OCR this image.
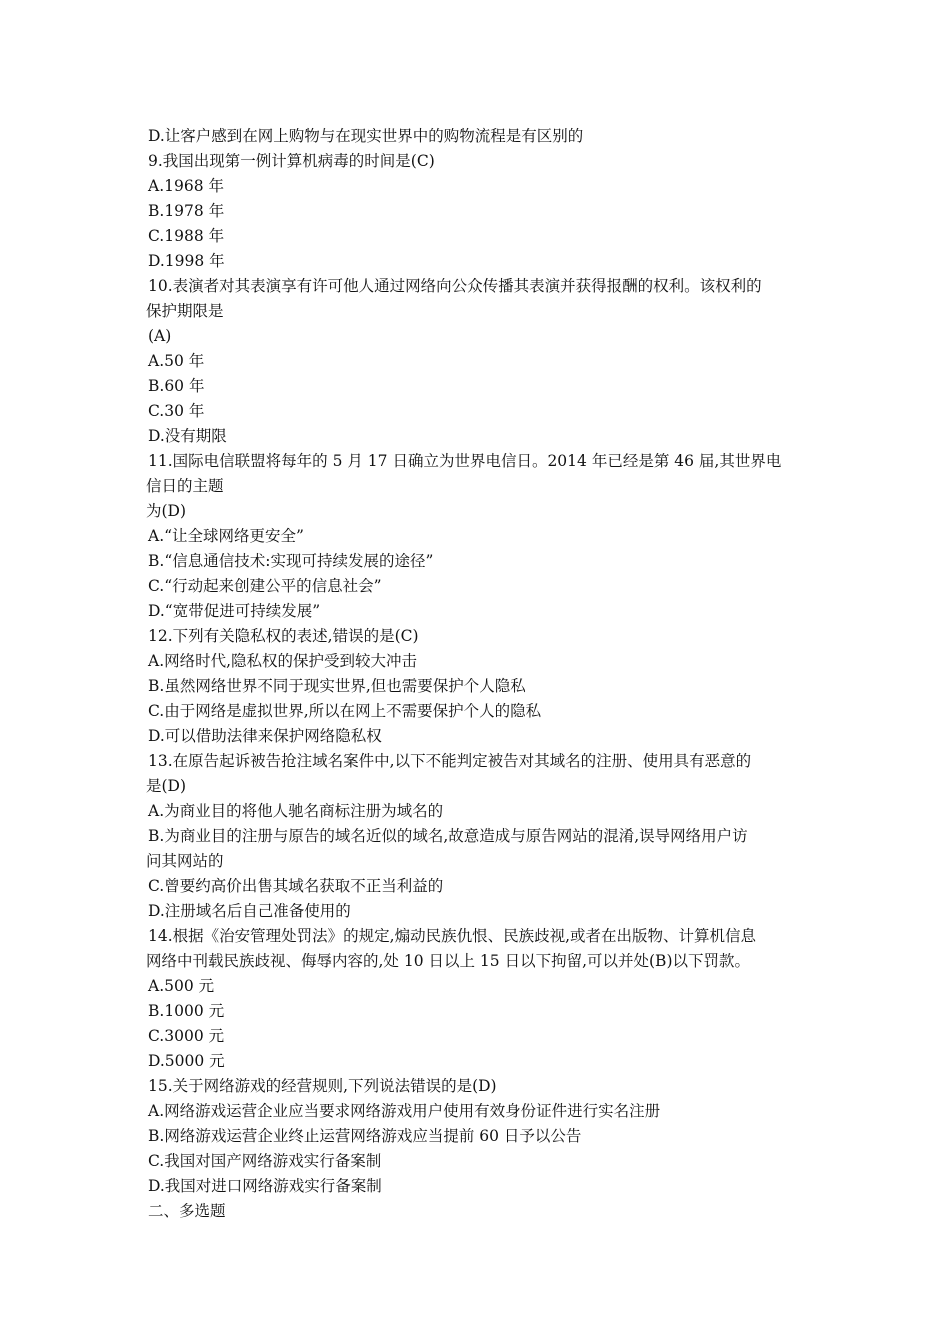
D.让客户感到在网上购物与在现实世界中的购物流程是有区别的
9.我国出现第一例计算机病毒的时间是(C)
A.1968 年
B.1978 年
C.1988 年
D.1998 年
10.表演者对其表演享有许可他人通过网络向公众传播其表演并获得报酬的权利。该权利的
保护期限是
(A)
A.50 年
B.60 年
C.30 年
D.没有期限
11.国际电信联盟将每年的 5 月 17 日确立为世界电信日。2014 年已经是第 46 届,其世界电
信日的主题
为(D)
A.“让全球网络更安全”
B.“信息通信技术:实现可持续发展的途径”
C.“行动起来创建公平的信息社会”
D.“宽带促进可持续发展”
12.下列有关隐私权的表述,错误的是(C)
A.网络时代,隐私权的保护受到较大冲击
B.虽然网络世界不同于现实世界,但也需要保护个人隐私
C.由于网络是虚拟世界,所以在网上不需要保护个人的隐私
D.可以借助法律来保护网络隐私权
13.在原告起诉被告抢注域名案件中,以下不能判定被告对其域名的注册、使用具有恶意的
是(D)
A.为商业目的将他人驰名商标注册为域名的
B.为商业目的注册与原告的域名近似的域名,故意造成与原告网站的混淆,误导网络用户访
问其网站的
C.曾要约高价出售其域名获取不正当利益的
D.注册域名后自己准备使用的
14.根据《治安管理处罚法》的规定,煽动民族仇恨、民族歧视,或者在出版物、计算机信息
网络中刊载民族歧视、侮辱内容的,处 10 日以上 15 日以下拘留,可以并处(B)以下罚款。
A.500 元
B.1000 元
C.3000 元
D.5000 元
15.关于网络游戏的经营规则,下列说法错误的是(D)
A.网络游戏运营企业应当要求网络游戏用户使用有效身份证件进行实名注册
B.网络游戏运营企业终止运营网络游戏应当提前 60 日予以公告
C.我国对国产网络游戏实行备案制
D.我国对进口网络游戏实行备案制
二、多选题
